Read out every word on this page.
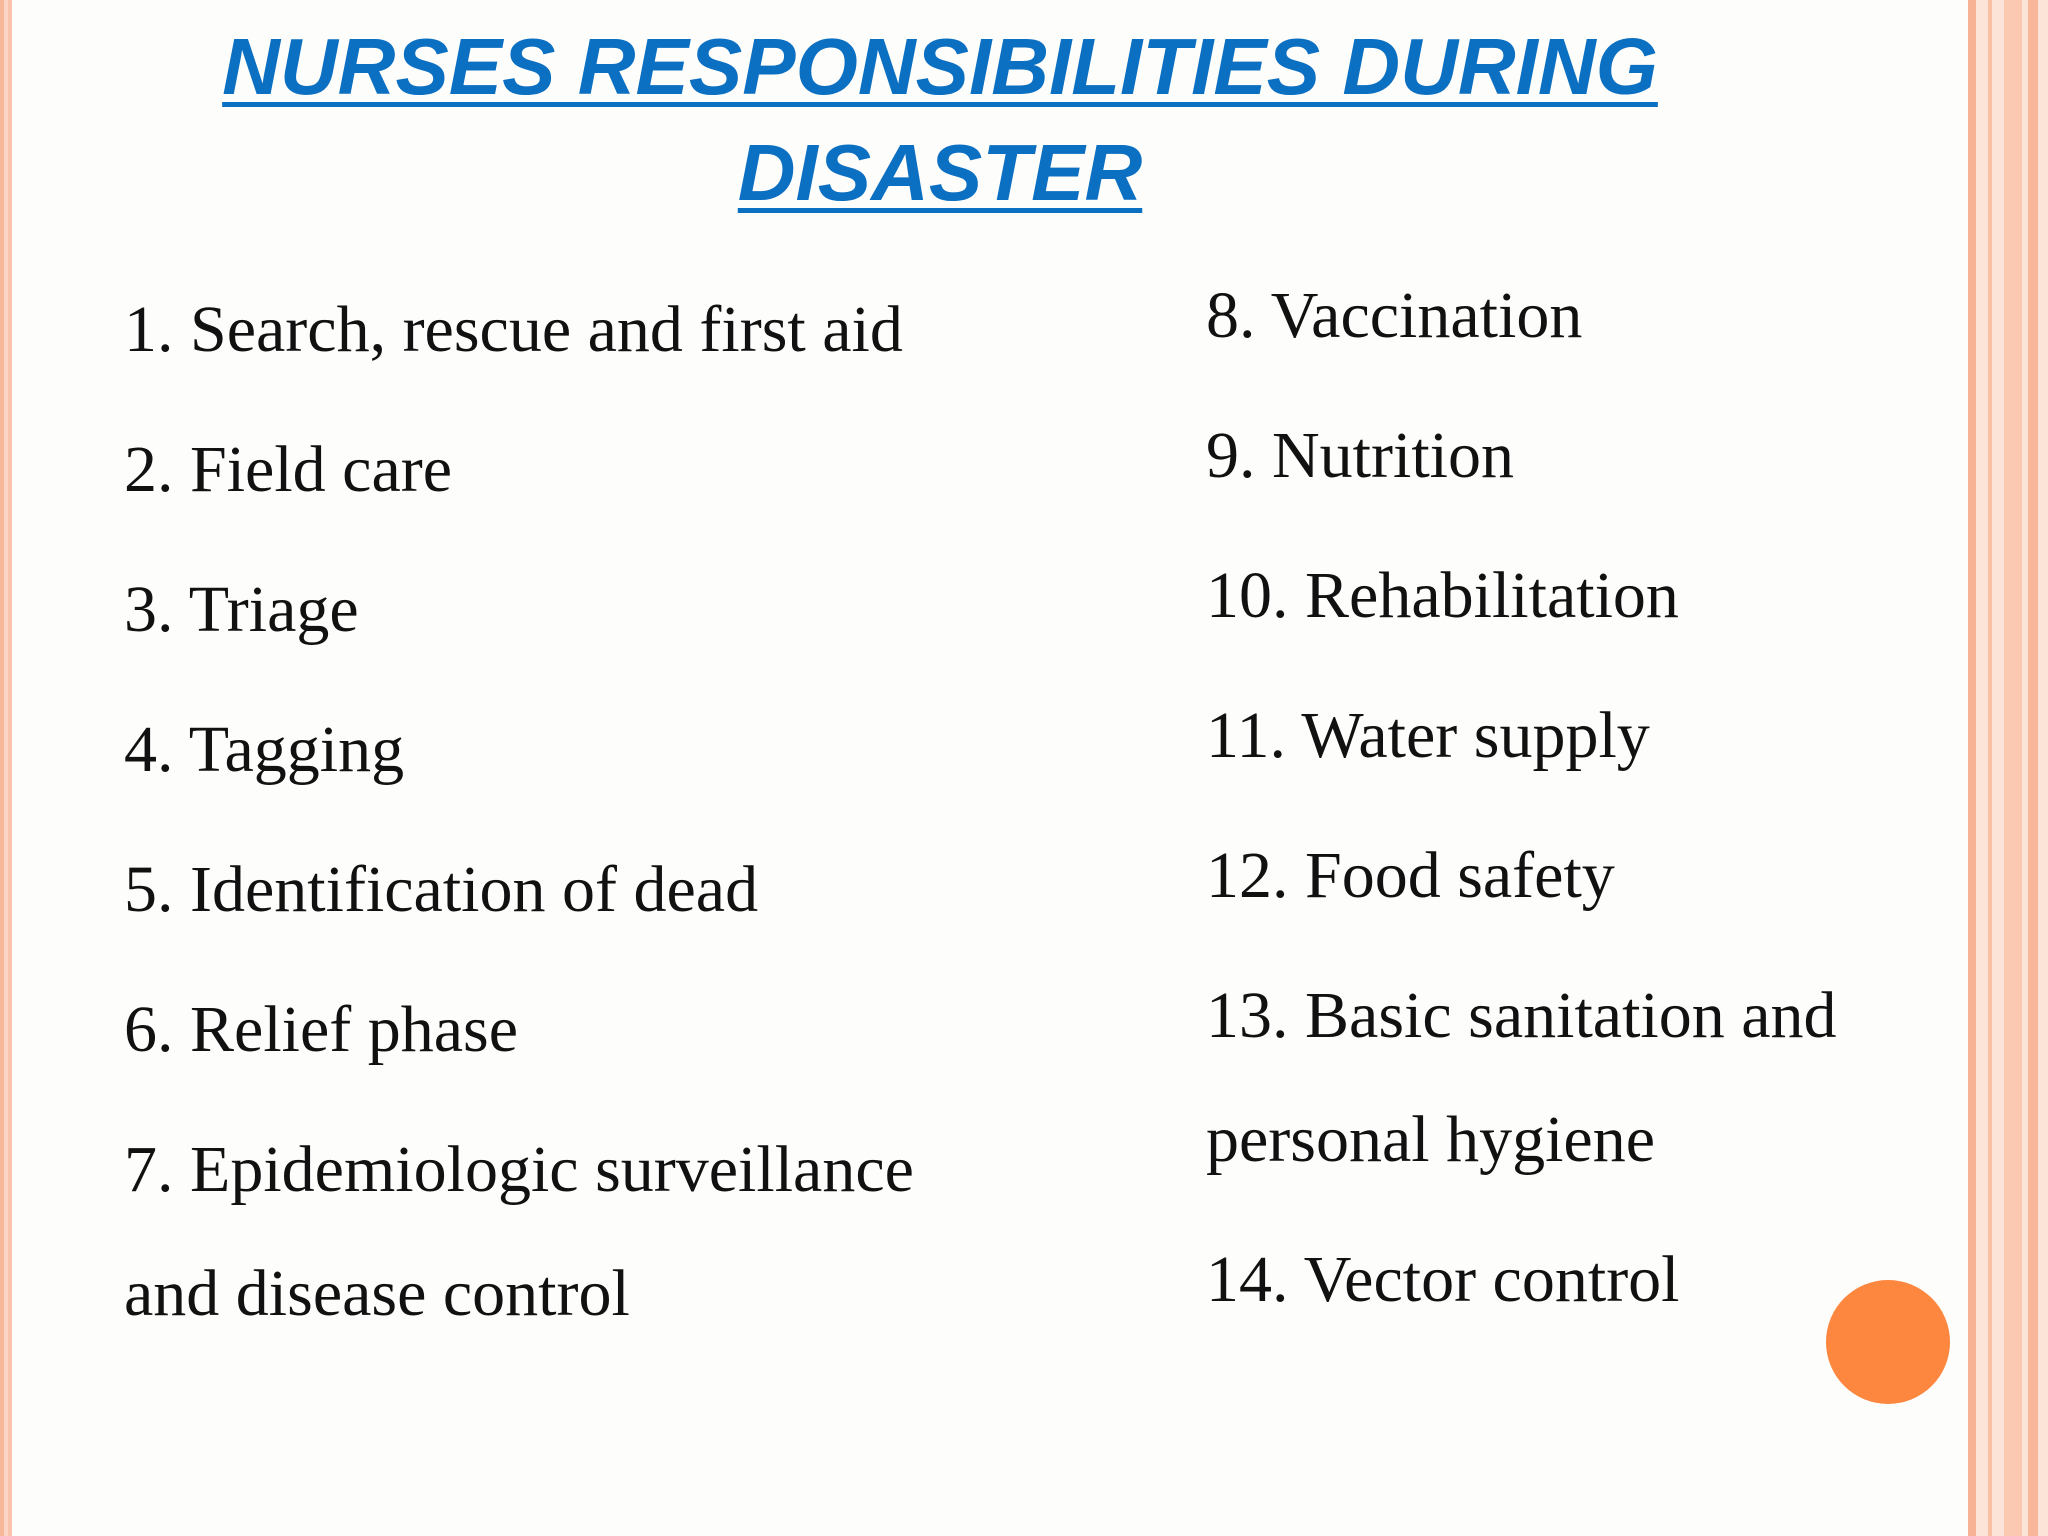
NURSES RESPONSIBILITIES DURING DISASTER

1. Search, rescue and first aid

2. Field care

3. Triage

4. Tagging

5. Identification of dead

6. Relief phase

7. Epidemiologic surveillance

and disease control

8. Vaccination

9. Nutrition

10. Rehabilitation

11. Water supply

12. Food safety

13. Basic sanitation and

personal hygiene

14. Vector control
